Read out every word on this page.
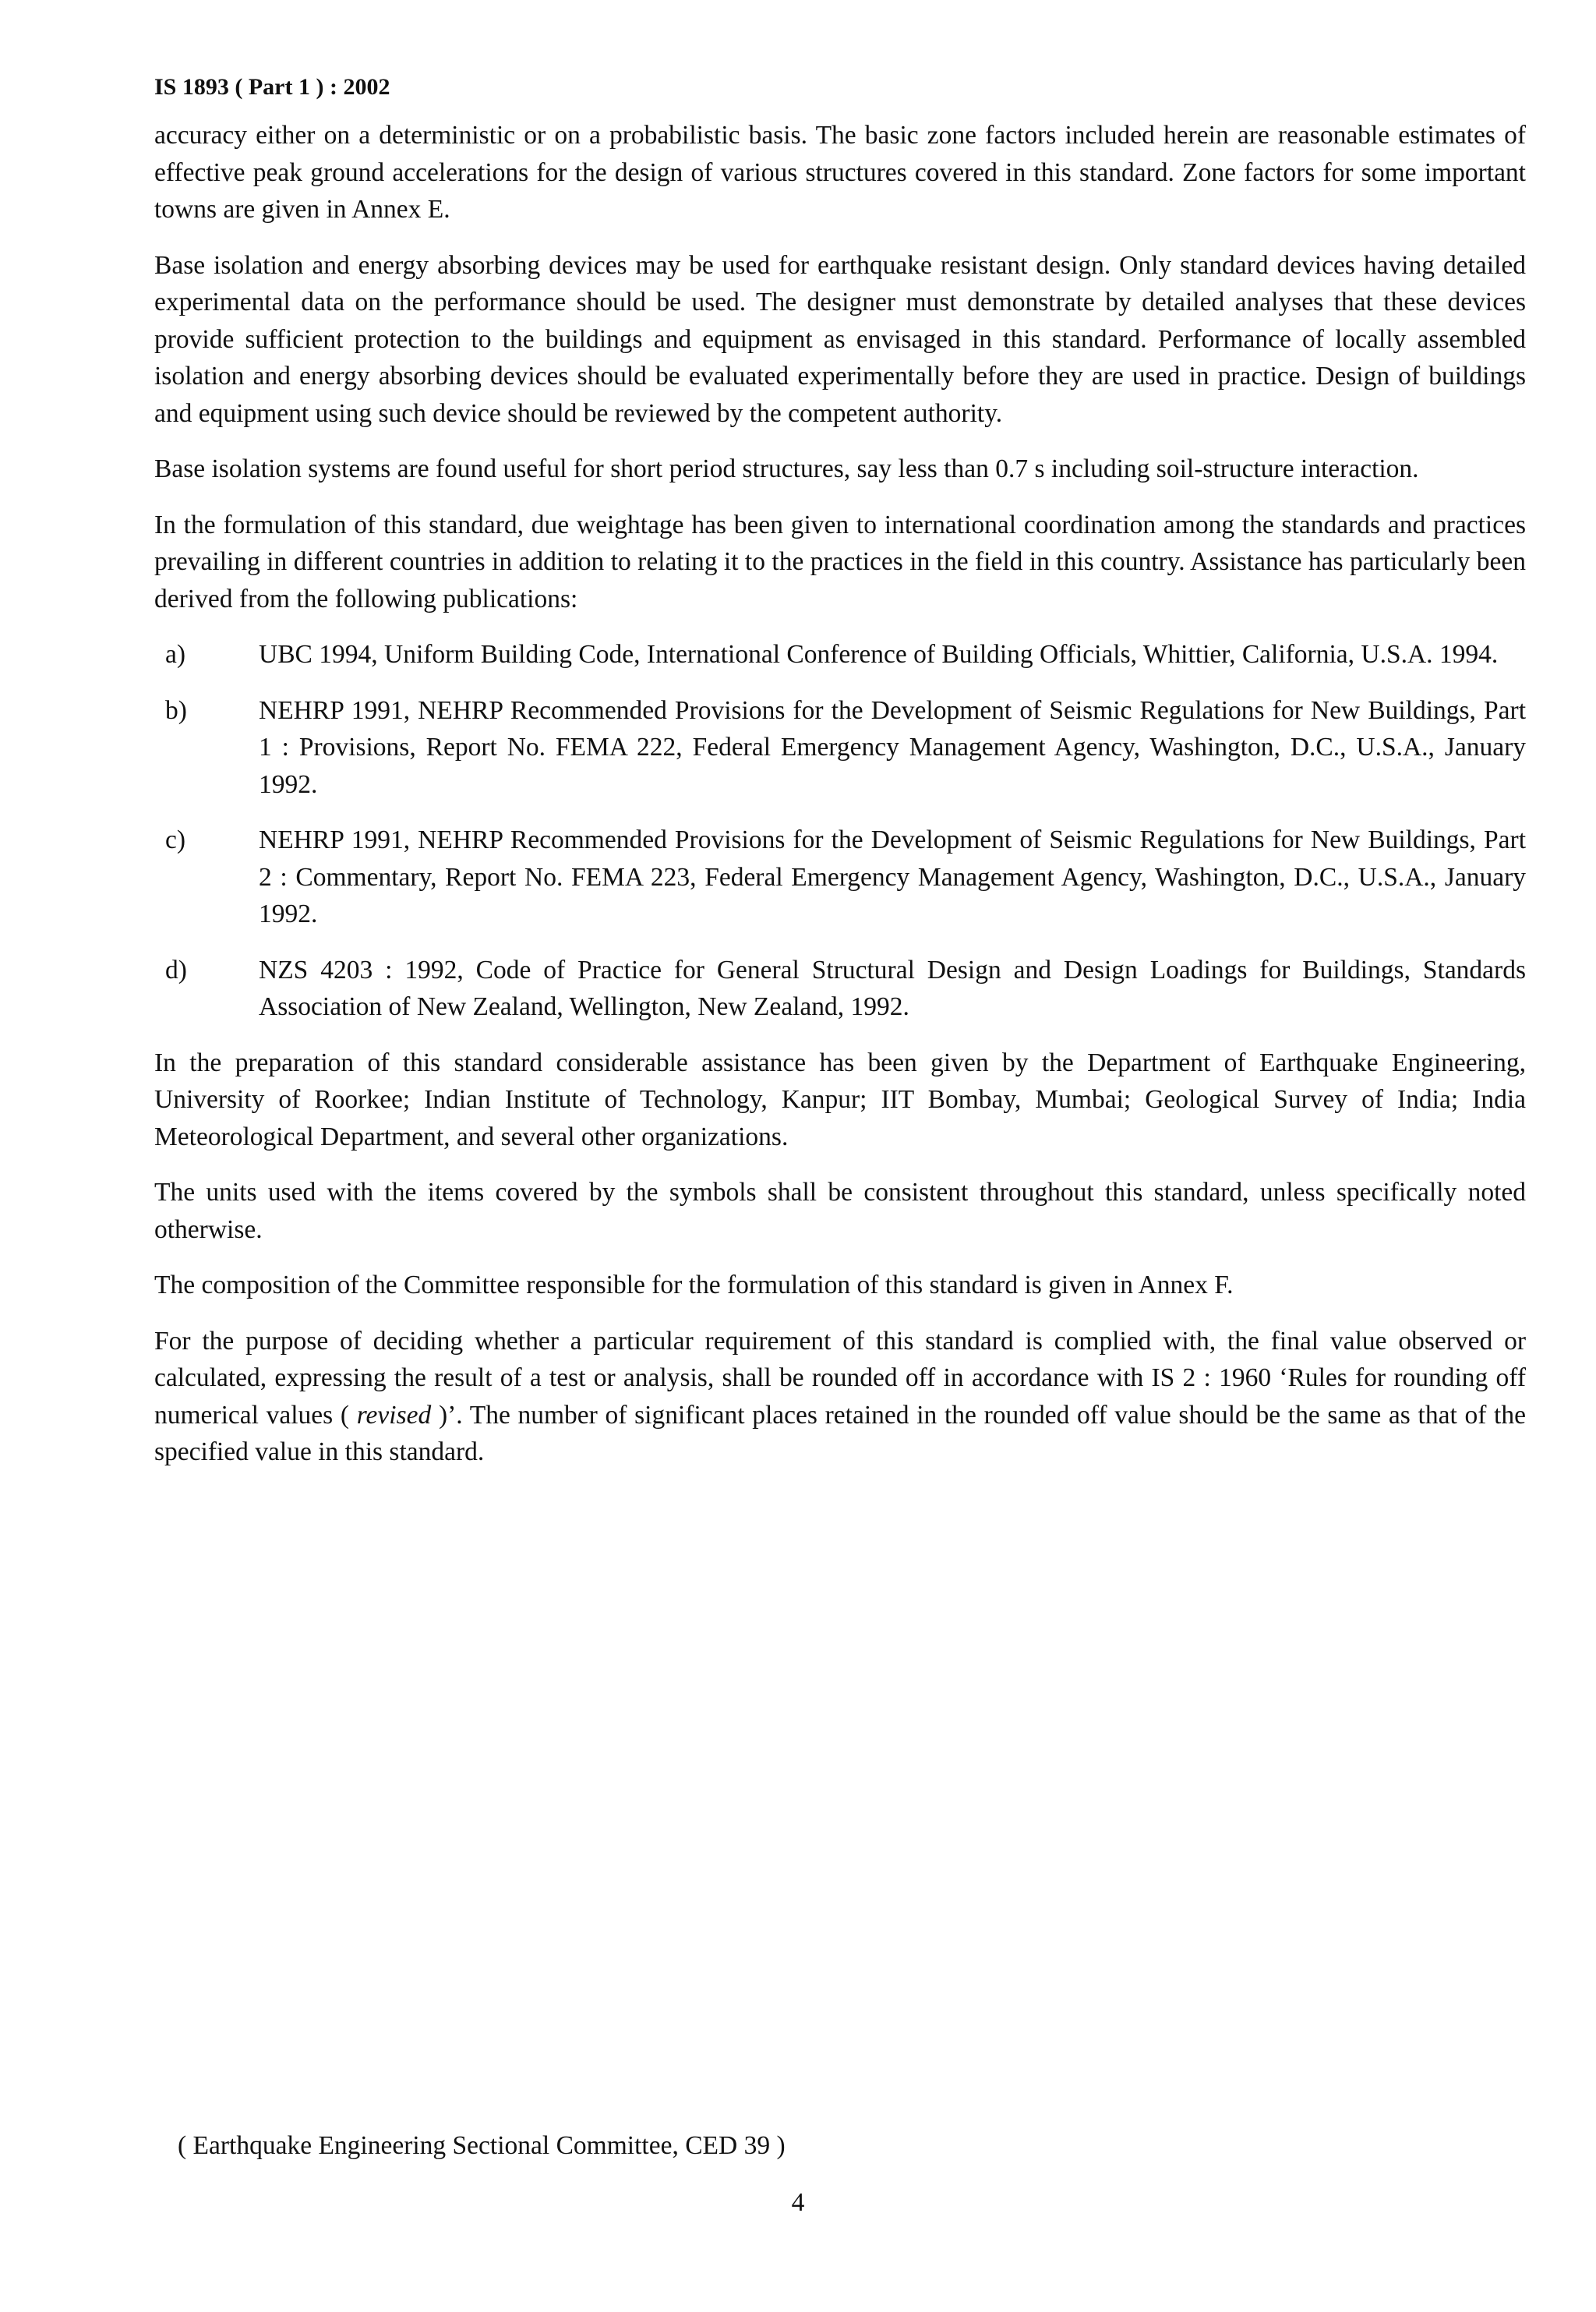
IS 1893 ( Part 1 ) : 2002

accuracy either on a deterministic or on a probabilistic basis. The basic zone factors included herein are reasonable estimates of effective peak ground accelerations for the design of various structures covered in this standard. Zone factors for some important towns are given in Annex E.

Base isolation and energy absorbing devices may be used for earthquake resistant design. Only standard devices having detailed experimental data on the performance should be used. The designer must demonstrate by detailed analyses that these devices provide sufficient protection to the buildings and equipment as envisaged in this standard. Performance of locally assembled isolation and energy absorbing devices should be evaluated experimentally before they are used in practice. Design of buildings and equipment using such device should be reviewed by the competent authority.

Base isolation systems are found useful for short period structures, say less than 0.7 s including soil-structure interaction.

In the formulation of this standard, due weightage has been given to international coordination among the standards and practices prevailing in different countries in addition to relating it to the practices in the field in this country. Assistance has particularly been derived from the following publications:

a)	UBC 1994, Uniform Building Code, International Conference of Building Officials, Whittier, California, U.S.A. 1994.
b)	NEHRP 1991, NEHRP Recommended Provisions for the Development of Seismic Regulations for New Buildings, Part 1 : Provisions, Report No. FEMA 222, Federal Emergency Management Agency, Washington, D.C., U.S.A., January 1992.
c)	NEHRP 1991, NEHRP Recommended Provisions for the Development of Seismic Regulations for New Buildings, Part 2 : Commentary, Report No. FEMA 223, Federal Emergency Management Agency, Washington, D.C., U.S.A., January 1992.
d)	NZS 4203 : 1992, Code of Practice for General Structural Design and Design Loadings for Buildings, Standards Association of New Zealand, Wellington, New Zealand, 1992.

In the preparation of this standard considerable assistance has been given by the Department of Earthquake Engineering, University of Roorkee; Indian Institute of Technology, Kanpur; IIT Bombay, Mumbai; Geological Survey of India; India Meteorological Department, and several other organizations.

The units used with the items covered by the symbols shall be consistent throughout this standard, unless specifically noted otherwise.

The composition of the Committee responsible for the formulation of this standard is given in Annex F.

For the purpose of deciding whether a particular requirement of this standard is complied with, the final value observed or calculated, expressing the result of a test or analysis, shall be rounded off in accordance with IS 2 : 1960 ‘Rules for rounding off numerical values ( revised )’. The number of significant places retained in the rounded off value should be the same as that of the specified value in this standard.

( Earthquake Engineering Sectional Committee, CED 39 )
4
